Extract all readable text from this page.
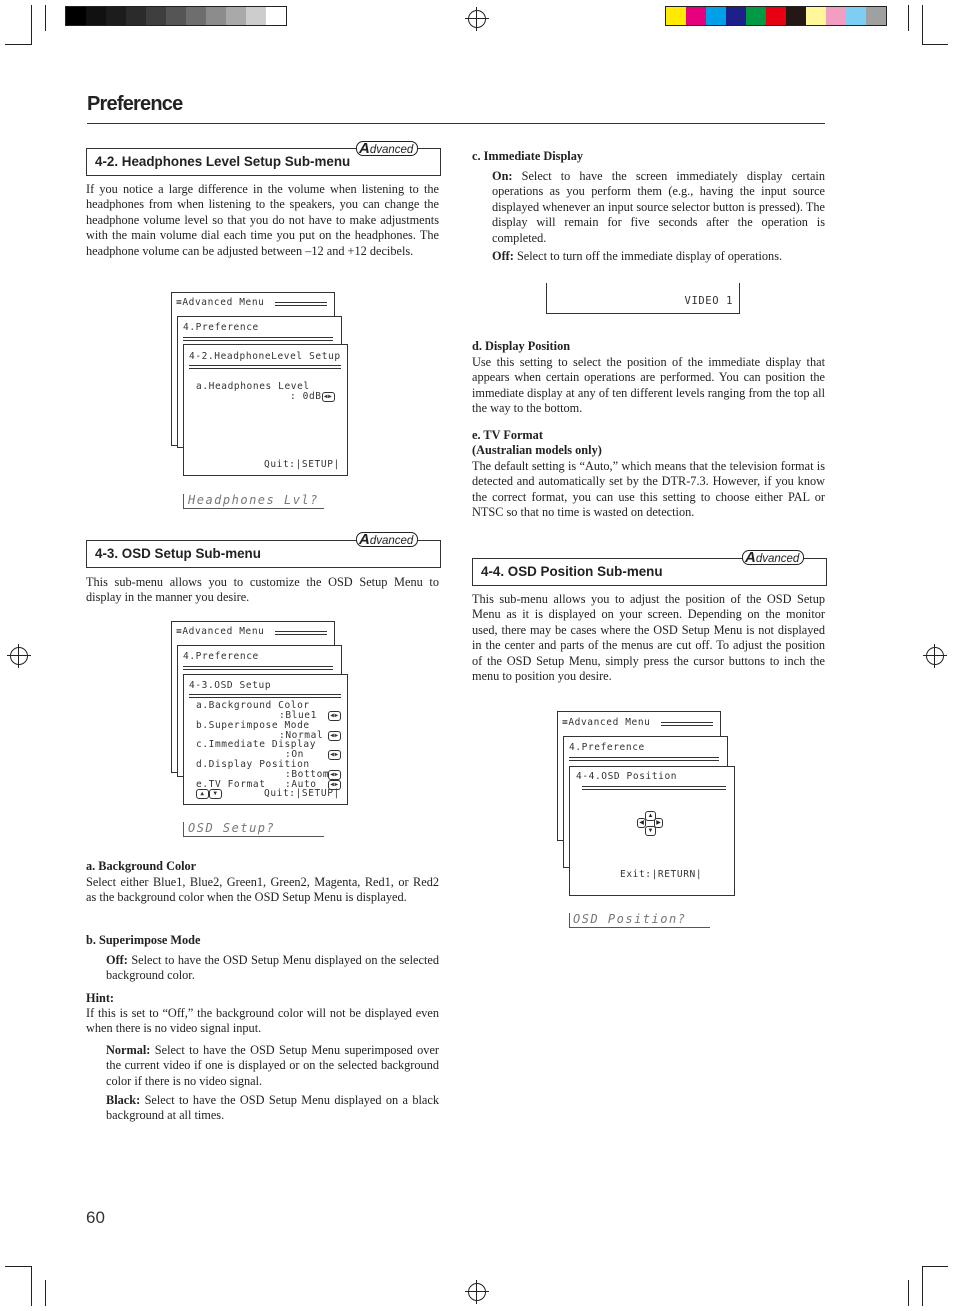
Preference
4-2. Headphones Level Setup Sub-menu
Advanced
If you notice a large difference in the volume when listening to the headphones from when listening to the speakers, you can change the headphone volume level so that you do not have to make adjustments with the main volume dial each time you put on the headphones. The headphone volume can be adjusted between –12 and +12 decibels.
≡Advanced Menu
4.Preference
4-2.HeadphoneLevel Setup
a.Headphones Level
: 0dB ◀▶
Quit:|SETUP|
Headphones Lvl?
4-3. OSD Setup Sub-menu
Advanced
This sub-menu allows you to customize the OSD Setup Menu to display in the manner you desire.
≡Advanced Menu
4.Preference
4-3.OSD Setup
a.Background Color
:Blue1	◀▶
b.Superimpose Mode
:Normal	◀▶
c.Immediate Display
:On	◀▶
d.Display Position
:Bottom ◀▶
e.TV Format :Auto	◀▶
▲ ▼	Quit:|SETUP|
OSD Setup?
a. Background Color
Select either Blue1, Blue2, Green1, Green2, Magenta, Red1, or Red2 as the background color when the OSD Setup Menu is displayed.
b. Superimpose Mode
Off: Select to have the OSD Setup Menu displayed on the selected background color.
Hint:
If this is set to “Off,” the background color will not be displayed even when there is no video signal input.
Normal: Select to have the OSD Setup Menu superimposed over the current video if one is displayed or on the selected background color if there is no video signal.
Black: Select to have the OSD Setup Menu displayed on a black background at all times.
c. Immediate Display
On: Select to have the screen immediately display certain operations as you perform them (e.g., having the input source displayed whenever an input source selector button is pressed). The display will remain for five seconds after the operation is completed.
Off: Select to turn off the immediate display of operations.
VIDEO 1
d. Display Position
Use this setting to select the position of the immediate display that appears when certain operations are performed. You can position the immediate display at any of ten different levels ranging from the top all the way to the bottom.
e. TV Format
(Australian models only)
The default setting is “Auto,” which means that the television format is detected and automatically set by the DTR-7.3. However, if you know the correct format, you can use this setting to choose either PAL or NTSC so that no time is wasted on detection.
4-4. OSD Position Sub-menu
Advanced
This sub-menu allows you to adjust the position of the OSD Setup Menu as it is displayed on your screen. Depending on the monitor used, there may be cases where the OSD Setup Menu is not displayed in the center and parts of the menus are cut off. To adjust the position of the OSD Setup Menu, simply press the cursor buttons to inch the menu to position you desire.
≡Advanced Menu
4.Preference
4-4.OSD Position
▲
▼
◀	▶
Exit:|RETURN|
OSD Position?
60
